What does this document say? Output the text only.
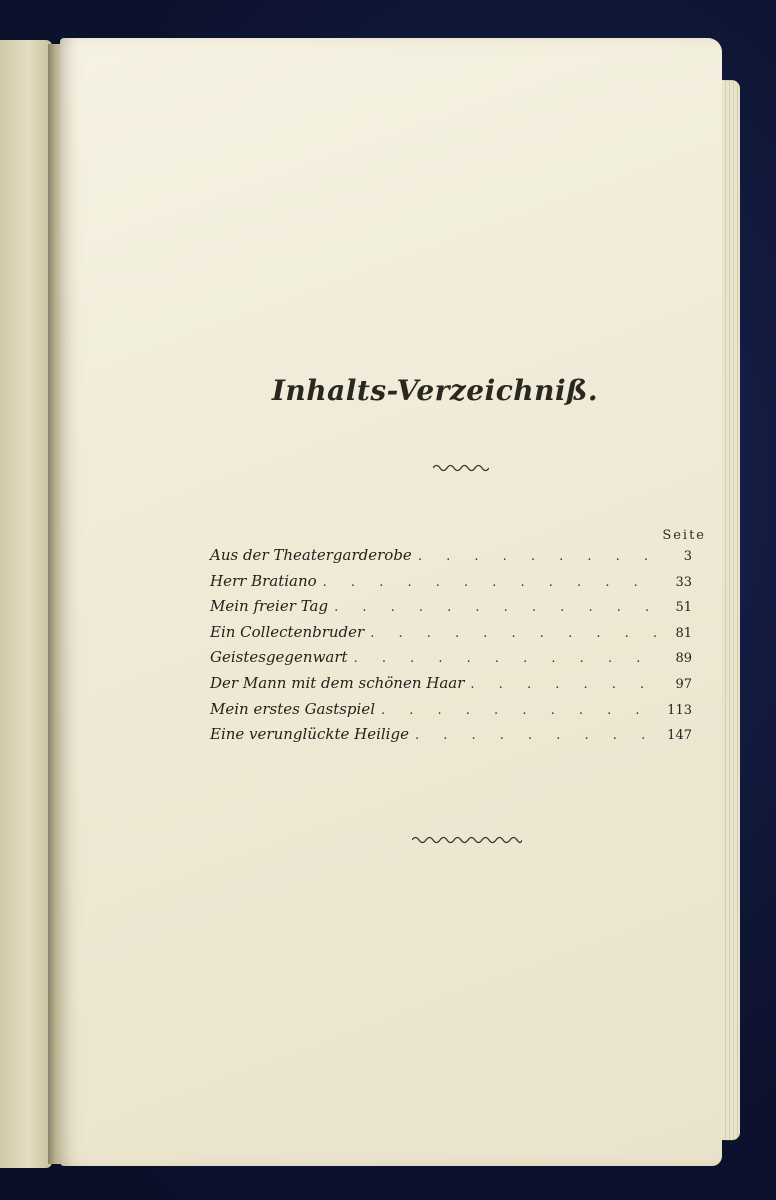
Inhalts-Verzeichniß.
Seite
Aus der Theatergarderobe . . .	3
Herr Bratiano . . .	33
Mein freier Tag . . .	51
Ein Collectenbruder . . .	81
Geistesgegenwart . . .	89
Der Mann mit dem schönen Haar . . .	97
Mein erstes Gastspiel . . .	113
Eine verunglückte Heilige . . .	147
